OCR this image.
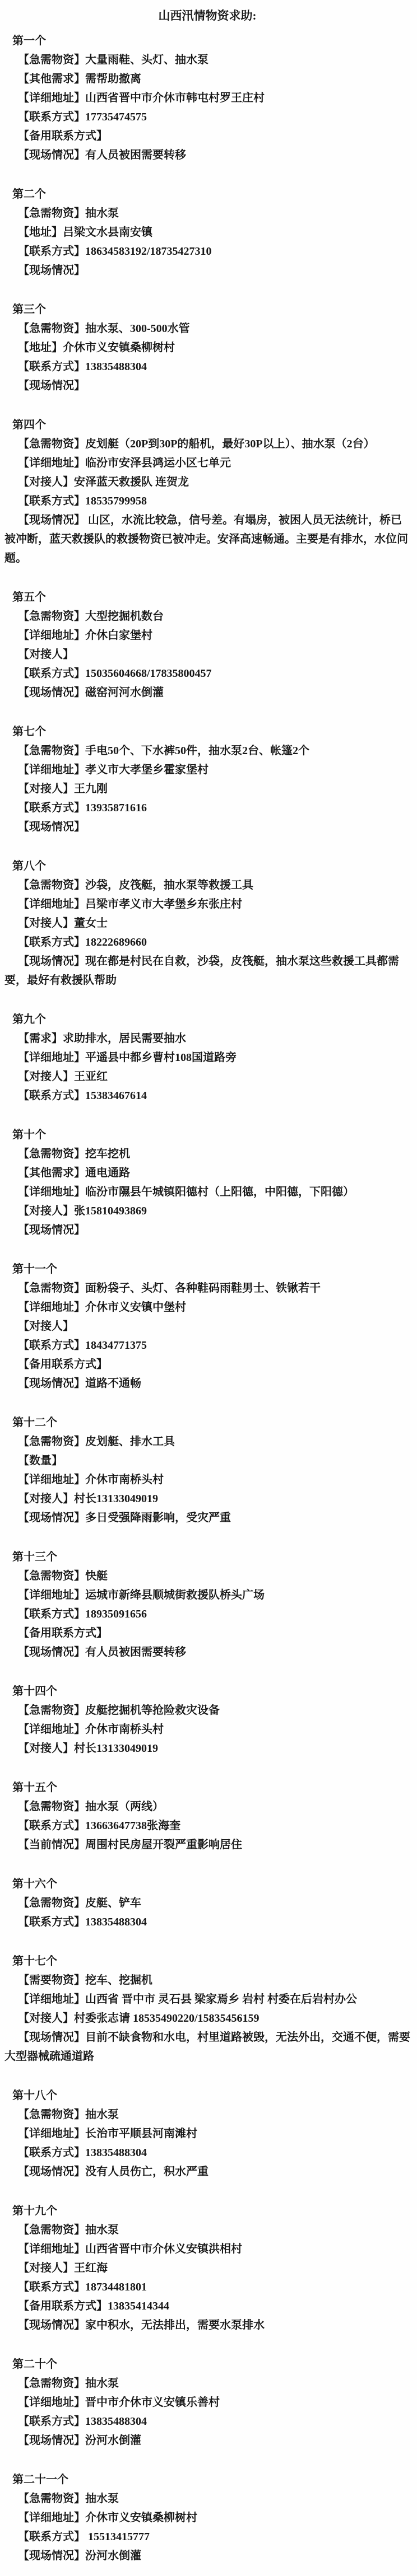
山西汛情物资求助:
第一个
【急需物资】大量雨鞋、头灯、抽水泵
【其他需求】需帮助撤离
【详细地址】山西省晋中市介休市韩屯村罗王庄村
【联系方式】17735474575
【备用联系方式】
【现场情况】有人员被困需要转移
第二个
【急需物资】抽水泵
【地址】吕梁文水县南安镇
【联系方式】18634583192/18735427310
【现场情况】
第三个
【急需物资】抽水泵、300-500水管
【地址】介休市义安镇桑柳树村
【联系方式】13835488304
【现场情况】
第四个
【急需物资】皮划艇（20P到30P的船机，最好30P以上）、抽水泵（2台）
【详细地址】临汾市安泽县鸿运小区七单元
【对接人】安泽蓝天救援队 连贺龙
【联系方式】18535799958
【现场情况】 山区，水流比较急，信号差。有塌房，被困人员无法统计，桥已被冲断，蓝天救援队的救援物资已被冲走。安泽高速畅通。主要是有排水，水位问题。
第五个
【急需物资】大型挖掘机数台
【详细地址】介休白家堡村
【对接人】
【联系方式】15035604668/17835800457
【现场情况】磁窑河河水倒灌
第七个
【急需物资】手电50个、下水裤50件，抽水泵2台、帐篷2个
【详细地址】孝义市大孝堡乡霍家堡村
【对接人】王九刚
【联系方式】13935871616
【现场情况】
第八个
【急需物资】沙袋，皮筏艇，抽水泵等救援工具
【详细地址】吕梁市孝义市大孝堡乡东张庄村
【对接人】董女士
【联系方式】18222689660
【现场情况】现在都是村民在自救，沙袋，皮筏艇，抽水泵这些救援工具都需要，最好有救援队帮助
第九个
【需求】求助排水，居民需要抽水
【详细地址】平遥县中都乡曹村108国道路旁
【对接人】王亚红
【联系方式】15383467614
第十个
【急需物资】挖车挖机
【其他需求】通电通路
【详细地址】临汾市隰县午城镇阳德村（上阳德，中阳德，下阳德）
【对接人】张15810493869
【现场情况】
第十一个
【急需物资】面粉袋子、头灯、各种鞋码雨鞋男士、铁锹若干
【详细地址】介休市义安镇中堡村
【对接人】
【联系方式】18434771375
【备用联系方式】
【现场情况】道路不通畅
第十二个
【急需物资】皮划艇、排水工具
【数量】
【详细地址】介休市南桥头村
【对接人】村长13133049019
【现场情况】多日受强降雨影响，受灾严重
第十三个
【急需物资】快艇
【详细地址】运城市新绛县顺城街救援队桥头广场
【联系方式】18935091656
【备用联系方式】
【现场情况】有人员被困需要转移
第十四个
【急需物资】皮艇挖掘机等抢险救灾设备
【详细地址】介休市南桥头村
【对接人】村长13133049019
第十五个
【急需物资】抽水泵（两线）
【联系方式】13663647738张海奎
【当前情况】周围村民房屋开裂严重影响居住
第十六个
【急需物资】皮艇、铲车
【联系方式】13835488304
第十七个
【需要物资】挖车、挖掘机
【详细地址】山西省 晋中市 灵石县 梁家焉乡 岩村 村委在后岩村办公
【对接人】村委张志请 18535490220/15835456159
【现场情况】目前不缺食物和水电，村里道路被毁，无法外出，交通不便，需要大型器械疏通道路
第十八个
【急需物资】抽水泵
【详细地址】长治市平顺县河南滩村
【联系方式】13835488304
【现场情况】没有人员伤亡，积水严重
第十九个
【急需物资】抽水泵
【详细地址】山西省晋中市介休义安镇洪相村
【对接人】王红海
【联系方式】18734481801
【备用联系方式】13835414344
【现场情况】家中积水，无法排出，需要水泵排水
第二十个
【急需物资】抽水泵
【详细地址】晋中市介休市义安镇乐善村
【联系方式】13835488304
【现场情况】汾河水倒灌
第二十一个
【急需物资】抽水泵
【详细地址】介休市义安镇桑柳树村
【联系方式】 15513415777
【现场情况】汾河水倒灌
